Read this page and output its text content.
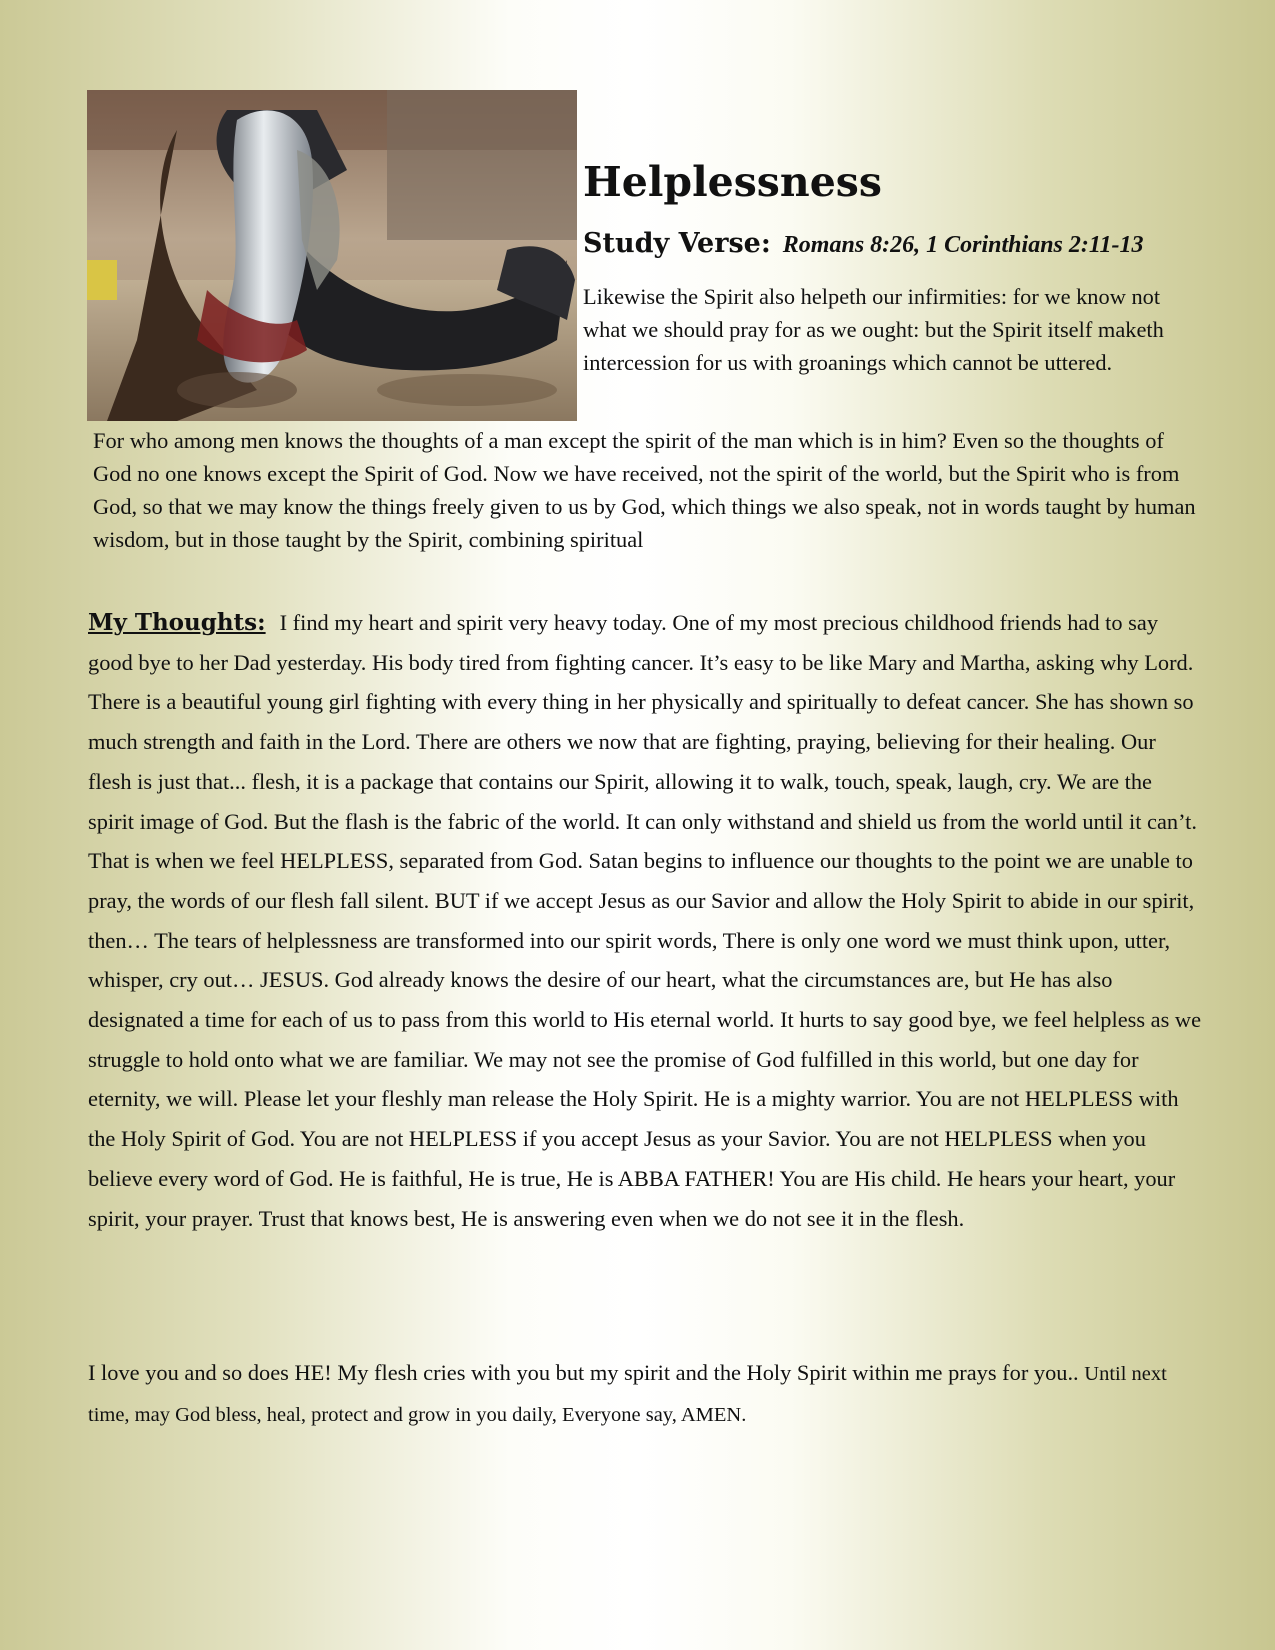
Helplessness
Study Verse: Romans 8:26, 1 Corinthians 2:11-13

Likewise the Spirit also helpeth our infirmities: for we know not what we should pray for as we ought: but the Spirit itself maketh intercession for us with groanings which cannot be uttered.

For who among men knows the thoughts of a man except the spirit of the man which is in him? Even so the thoughts of God no one knows except the Spirit of God. Now we have received, not the spirit of the world, but the Spirit who is from God, so that we may know the things freely given to us by God, which things we also speak, not in words taught by human wisdom, but in those taught by the Spirit, combining spiritual

My Thoughts: I find my heart and spirit very heavy today. One of my most precious childhood friends had to say good bye to her Dad yesterday. His body tired from fighting cancer. It’s easy to be like Mary and Martha, asking why Lord. There is a beautiful young girl fighting with every thing in her physically and spiritually to defeat cancer. She has shown so much strength and faith in the Lord. There are others we now that are fighting, praying, believing for their healing. Our flesh is just that... flesh, it is a package that contains our Spirit, allowing it to walk, touch, speak, laugh, cry. We are the spirit image of God. But the flash is the fabric of the world. It can only withstand and shield us from the world until it can’t. That is when we feel HELPLESS, separated from God. Satan begins to influence our thoughts to the point we are unable to pray, the words of our flesh fall silent. BUT if we accept Jesus as our Savior and allow the Holy Spirit to abide in our spirit, then… The tears of helplessness are transformed into our spirit words, There is only one word we must think upon, utter, whisper, cry out… JESUS. God already knows the desire of our heart, what the circumstances are, but He has also designated a time for each of us to pass from this world to His eternal world. It hurts to say good bye, we feel helpless as we struggle to hold onto what we are familiar. We may not see the promise of God fulfilled in this world, but one day for eternity, we will. Please let your fleshly man release the Holy Spirit. He is a mighty warrior. You are not HELPLESS with the Holy Spirit of God. You are not HELPLESS if you accept Jesus as your Savior. You are not HELPLESS when you believe every word of God. He is faithful, He is true, He is ABBA FATHER! You are His child. He hears your heart, your spirit, your prayer. Trust that knows best, He is answering even when we do not see it in the flesh.

I love you and so does HE! My flesh cries with you but my spirit and the Holy Spirit within me prays for you.. Until next time, may God bless, heal, protect and grow in you daily, Everyone say, AMEN.
